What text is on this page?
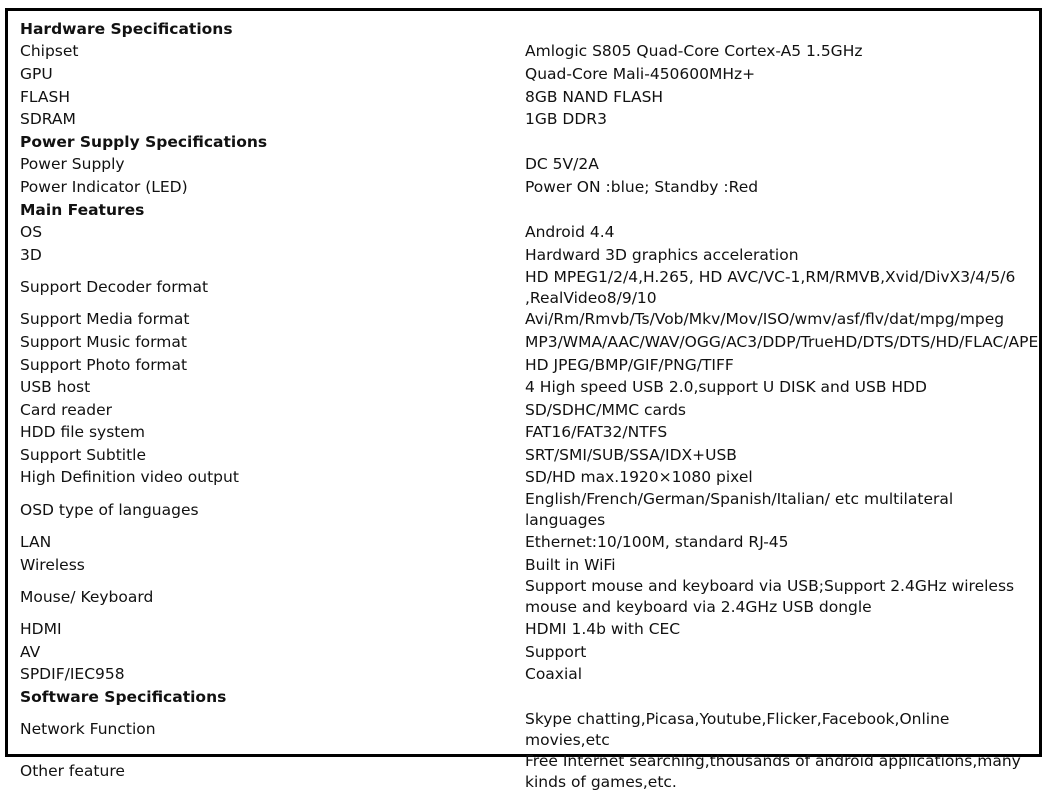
Hardware Specifications	
Chipset	Amlogic S805 Quad-Core Cortex-A5 1.5GHz
GPU	Quad-Core Mali-450600MHz+
FLASH	8GB NAND FLASH
SDRAM	1GB DDR3
Power Supply Specifications	
Power Supply	DC 5V/2A
Power Indicator (LED)	Power ON :blue; Standby :Red
Main Features	
OS	Android 4.4
3D	Hardward 3D graphics acceleration
Support Decoder format	HD MPEG1/2/4,H.265, HD AVC/VC-1,RM/RMVB,Xvid/DivX3/4/5/6 ,RealVideo8/9/10
Support Media format	Avi/Rm/Rmvb/Ts/Vob/Mkv/Mov/ISO/wmv/asf/flv/dat/mpg/mpeg
Support Music format	MP3/WMA/AAC/WAV/OGG/AC3/DDP/TrueHD/DTS/DTS/HD/FLAC/APE
Support Photo format	HD JPEG/BMP/GIF/PNG/TIFF
USB host	4 High speed USB 2.0,support U DISK and USB HDD
Card reader	SD/SDHC/MMC cards
HDD file system	FAT16/FAT32/NTFS
Support Subtitle	SRT/SMI/SUB/SSA/IDX+USB
High Definition video output	SD/HD max.1920×1080 pixel
OSD type of languages	English/French/German/Spanish/Italian/ etc multilateral languages
LAN	Ethernet:10/100M, standard RJ-45
Wireless	Built in WiFi
Mouse/ Keyboard	Support mouse and keyboard via USB;Support 2.4GHz wireless mouse and keyboard via 2.4GHz USB dongle
HDMI	HDMI 1.4b with CEC
AV	Support
SPDIF/IEC958	Coaxial
Software Specifications	
Network Function	Skype chatting,Picasa,Youtube,Flicker,Facebook,Online movies,etc
Other feature	Free Internet searching,thousands of android applications,many kinds of games,etc.
